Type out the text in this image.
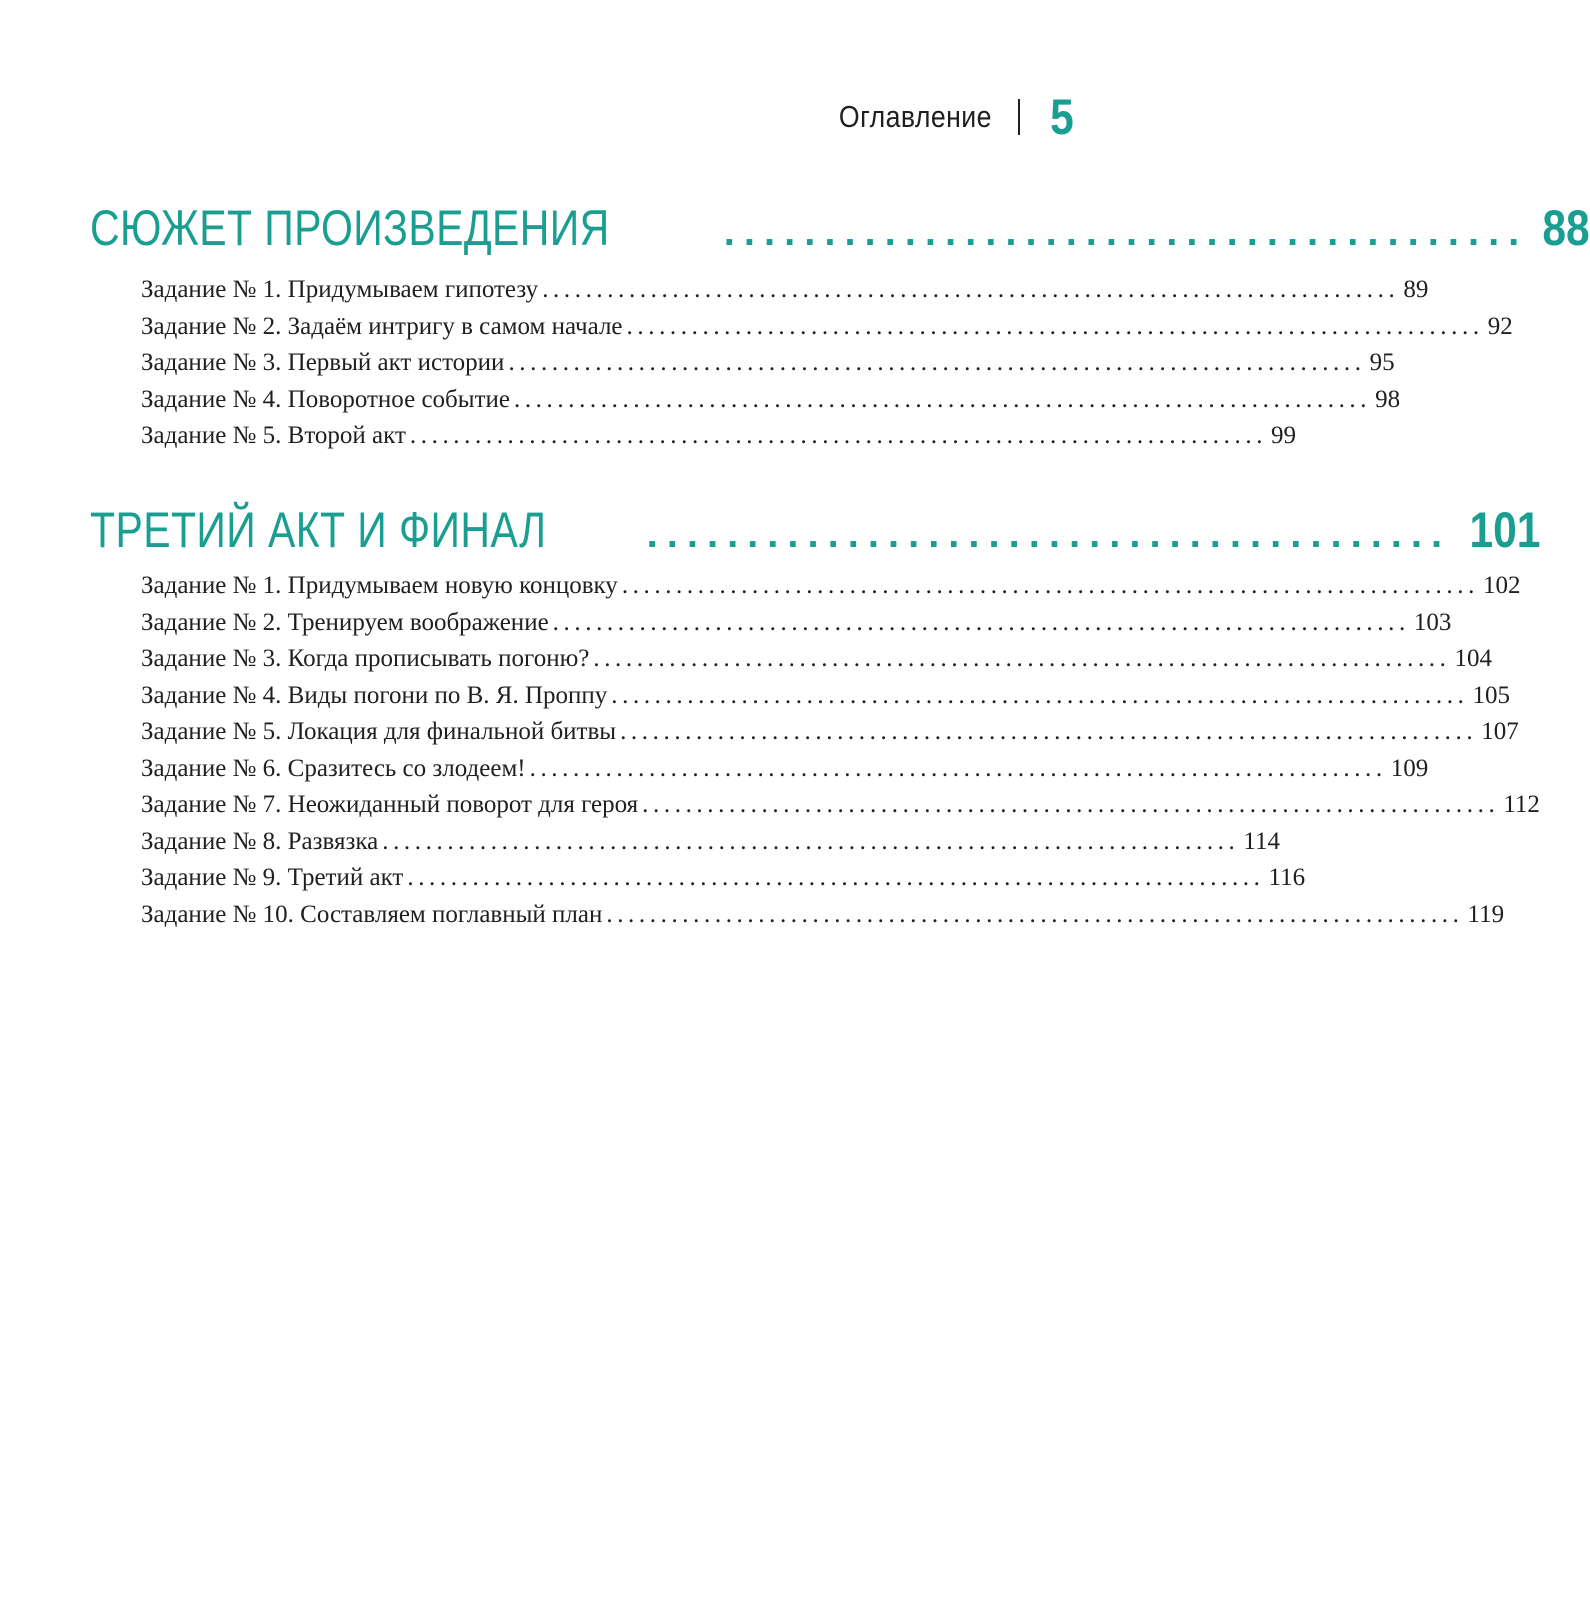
Оглавление 5
СЮЖЕТ ПРОИЗВЕДЕНИЯ	........................................ 88
Задание № 1. Придумываем гипотезу ............................................................................... 89
Задание № 2. Задаём интригу в самом начале ............................................................................... 92
Задание № 3. Первый акт истории ............................................................................... 95
Задание № 4. Поворотное событие ............................................................................... 98
Задание № 5. Второй акт ............................................................................... 99
ТРЕТИЙ АКТ И ФИНАЛ	........................................ 101
Задание № 1. Придумываем новую концовку ............................................................................... 102
Задание № 2. Тренируем воображение ............................................................................... 103
Задание № 3. Когда прописывать погоню? ............................................................................... 104
Задание № 4. Виды погони по В. Я. Проппу ............................................................................... 105
Задание № 5. Локация для финальной битвы ............................................................................... 107
Задание № 6. Сразитесь со злодеем! ............................................................................... 109
Задание № 7. Неожиданный поворот для героя ............................................................................... 112
Задание № 8. Развязка ............................................................................... 114
Задание № 9. Третий акт ............................................................................... 116
Задание № 10. Составляем поглавный план ............................................................................... 119
